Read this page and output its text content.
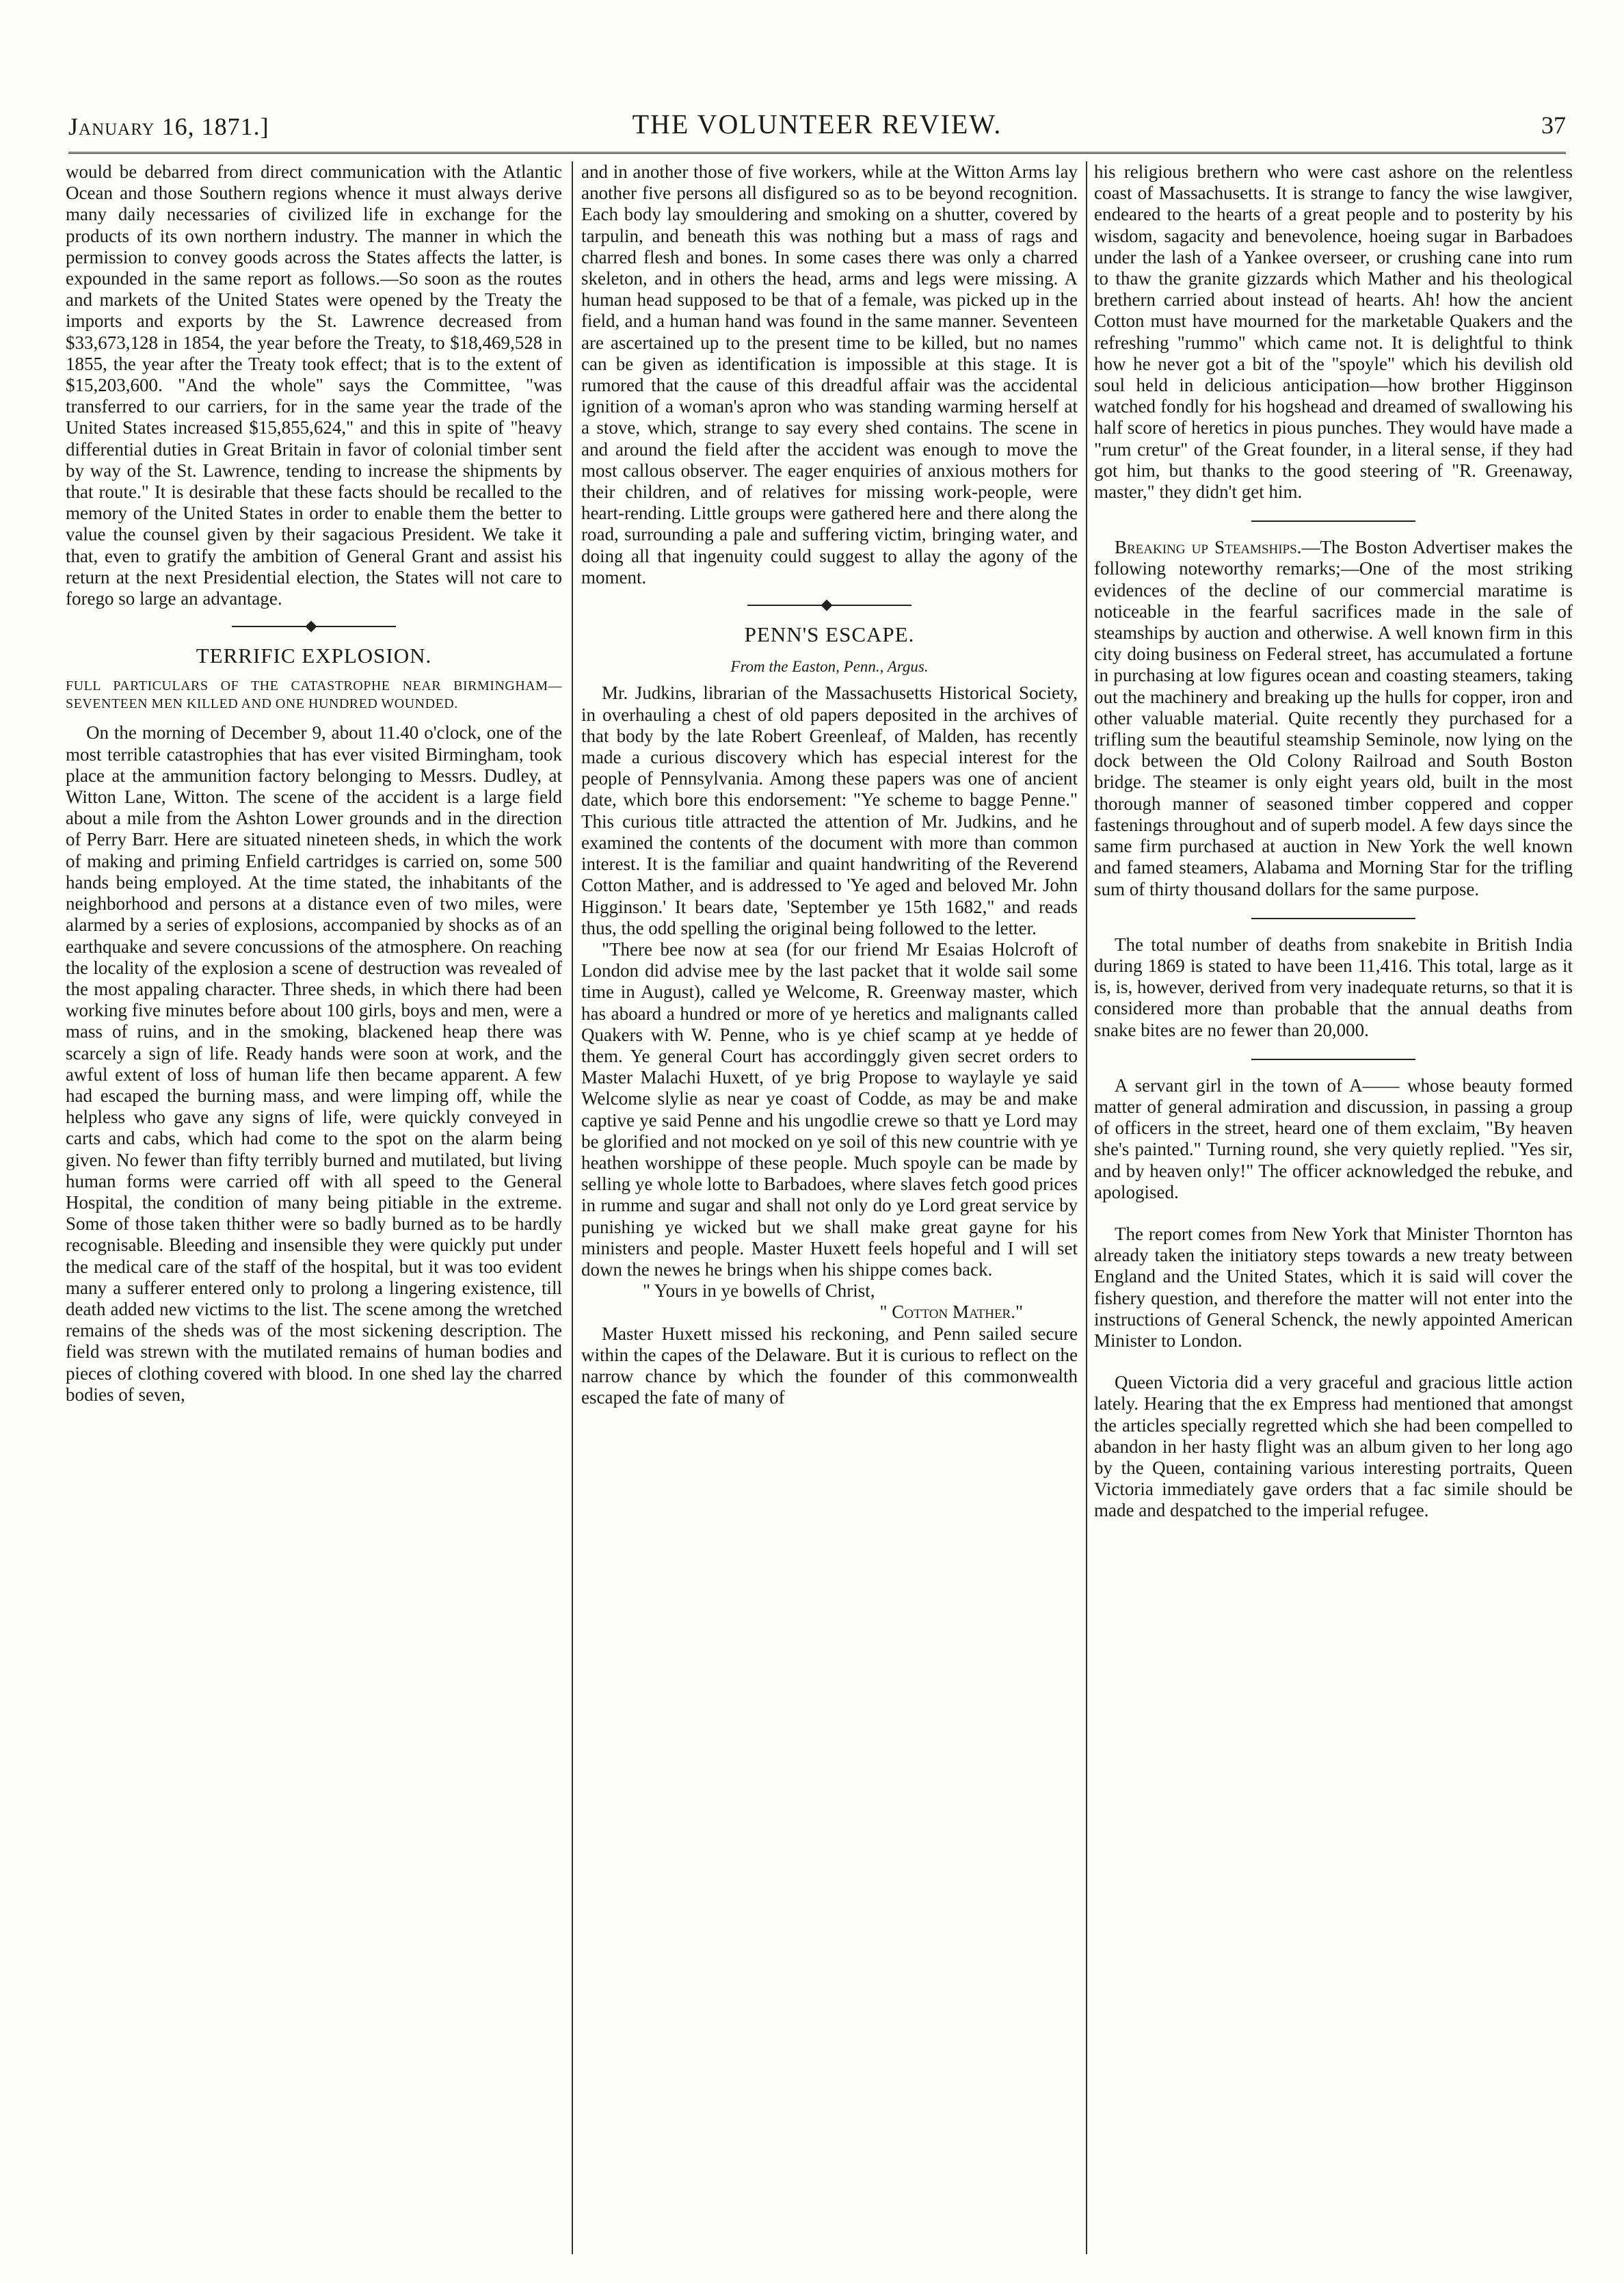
January 16, 1871.]	THE VOLUNTEER REVIEW.	37

would be debarred from direct communication with the Atlantic Ocean and those Southern regions whence it must always derive many daily necessaries of civilized life in exchange for the products of its own northern industry. The manner in which the permission to convey goods across the States affects the latter, is expounded in the same report as follows.—So soon as the routes and markets of the United States were opened by the Treaty the imports and exports by the St. Lawrence decreased from $33,673,128 in 1854, the year before the Treaty, to $18,469,528 in 1855, the year after the Treaty took effect; that is to the extent of $15,203,600. "And the whole" says the Committee, "was transferred to our carriers, for in the same year the trade of the United States increased $15,855,624," and this in spite of "heavy differential duties in Great Britain in favor of colonial timber sent by way of the St. Lawrence, tending to increase the shipments by that route." It is desirable that these facts should be recalled to the memory of the United States in order to enable them the better to value the counsel given by their sagacious President. We take it that, even to gratify the ambition of General Grant and assist his return at the next Presidential election, the States will not care to forego so large an advantage.

TERRIFIC EXPLOSION.

FULL PARTICULARS OF THE CATASTROPHE NEAR BIRMINGHAM—SEVENTEEN MEN KILLED AND ONE HUNDRED WOUNDED.

On the morning of December 9, about 11.40 o'clock, one of the most terrible catastrophies that has ever visited Birmingham, took place at the ammunition factory belonging to Messrs. Dudley, at Witton Lane, Witton. The scene of the accident is a large field about a mile from the Ashton Lower grounds and in the direction of Perry Barr. Here are situated nineteen sheds, in which the work of making and priming Enfield cartridges is carried on, some 500 hands being employed. At the time stated, the inhabitants of the neighborhood and persons at a distance even of two miles, were alarmed by a series of explosions, accompanied by shocks as of an earthquake and severe concussions of the atmosphere. On reaching the locality of the explosion a scene of destruction was revealed of the most appaling character. Three sheds, in which there had been working five minutes before about 100 girls, boys and men, were a mass of ruins, and in the smoking, blackened heap there was scarcely a sign of life. Ready hands were soon at work, and the awful extent of loss of human life then became apparent. A few had escaped the burning mass, and were limping off, while the helpless who gave any signs of life, were quickly conveyed in carts and cabs, which had come to the spot on the alarm being given. No fewer than fifty terribly burned and mutilated, but living human forms were carried off with all speed to the General Hospital, the condition of many being pitiable in the extreme. Some of those taken thither were so badly burned as to be hardly recognisable. Bleeding and insensible they were quickly put under the medical care of the staff of the hospital, but it was too evident many a sufferer entered only to prolong a lingering existence, till death added new victims to the list. The scene among the wretched remains of the sheds was of the most sickening description. The field was strewn with the mutilated remains of human bodies and pieces of clothing covered with blood. In one shed lay the charred bodies of seven,

and in another those of five workers, while at the Witton Arms lay another five persons all disfigured so as to be beyond recognition. Each body lay smouldering and smoking on a shutter, covered by tarpulin, and beneath this was nothing but a mass of rags and charred flesh and bones. In some cases there was only a charred skeleton, and in others the head, arms and legs were missing. A human head supposed to be that of a female, was picked up in the field, and a human hand was found in the same manner. Seventeen are ascertained up to the present time to be killed, but no names can be given as identification is impossible at this stage. It is rumored that the cause of this dreadful affair was the accidental ignition of a woman's apron who was standing warming herself at a stove, which, strange to say every shed contains. The scene in and around the field after the accident was enough to move the most callous observer. The eager enquiries of anxious mothers for their children, and of relatives for missing work-people, were heart-rending. Little groups were gathered here and there along the road, surrounding a pale and suffering victim, bringing water, and doing all that ingenuity could suggest to allay the agony of the moment.

PENN'S ESCAPE.
From the Easton, Penn., Argus.

Mr. Judkins, librarian of the Massachusetts Historical Society, in overhauling a chest of old papers deposited in the archives of that body by the late Robert Greenleaf, of Malden, has recently made a curious discovery which has especial interest for the people of Pennsylvania. Among these papers was one of ancient date, which bore this endorsement: "Ye scheme to bagge Penne." This curious title attracted the attention of Mr. Judkins, and he examined the contents of the document with more than common interest. It is the familiar and quaint handwriting of the Reverend Cotton Mather, and is addressed to 'Ye aged and beloved Mr. John Higginson.' It bears date, 'September ye 15th 1682," and reads thus, the odd spelling the original being followed to the letter.

"There bee now at sea (for our friend Mr Esaias Holcroft of London did advise mee by the last packet that it wolde sail some time in August), called ye Welcome, R. Greenway master, which has aboard a hundred or more of ye heretics and malignants called Quakers with W. Penne, who is ye chief scamp at ye hedde of them. Ye general Court has accordinggly given secret orders to Master Malachi Huxett, of ye brig Propose to waylayle ye said Welcome slylie as near ye coast of Codde, as may be and make captive ye said Penne and his ungodlie crewe so thatt ye Lord may be glorified and not mocked on ye soil of this new countrie with ye heathen worshippe of these people. Much spoyle can be made by selling ye whole lotte to Barbadoes, where slaves fetch good prices in rumme and sugar and shall not only do ye Lord great service by punishing ye wicked but we shall make great gayne for his ministers and people. Master Huxett feels hopeful and I will set down the newes he brings when his shippe comes back.

" Yours in ye bowells of Christ,

" Cotton Mather."

Master Huxett missed his reckoning, and Penn sailed secure within the capes of the Delaware. But it is curious to reflect on the narrow chance by which the founder of this commonwealth escaped the fate of many of

his religious brethern who were cast ashore on the relentless coast of Massachusetts. It is strange to fancy the wise lawgiver, endeared to the hearts of a great people and to posterity by his wisdom, sagacity and benevolence, hoeing sugar in Barbadoes under the lash of a Yankee overseer, or crushing cane into rum to thaw the granite gizzards which Mather and his theological brethern carried about instead of hearts. Ah! how the ancient Cotton must have mourned for the marketable Quakers and the refreshing "rummo" which came not. It is delightful to think how he never got a bit of the "spoyle" which his devilish old soul held in delicious anticipation—how brother Higginson watched fondly for his hogshead and dreamed of swallowing his half score of heretics in pious punches. They would have made a "rum cretur" of the Great founder, in a literal sense, if they had got him, but thanks to the good steering of "R. Greenaway, master," they didn't get him.

Breaking up Steamships.—The Boston Advertiser makes the following noteworthy remarks;—One of the most striking evidences of the decline of our commercial maratime is noticeable in the fearful sacrifices made in the sale of steamships by auction and otherwise. A well known firm in this city doing business on Federal street, has accumulated a fortune in purchasing at low figures ocean and coasting steamers, taking out the machinery and breaking up the hulls for copper, iron and other valuable material. Quite recently they purchased for a trifling sum the beautiful steamship Seminole, now lying on the dock between the Old Colony Railroad and South Boston bridge. The steamer is only eight years old, built in the most thorough manner of seasoned timber coppered and copper fastenings throughout and of superb model. A few days since the same firm purchased at auction in New York the well known and famed steamers, Alabama and Morning Star for the trifling sum of thirty thousand dollars for the same purpose.

The total number of deaths from snakebite in British India during 1869 is stated to have been 11,416. This total, large as it is, is, however, derived from very inadequate returns, so that it is considered more than probable that the annual deaths from snake bites are no fewer than 20,000.

A servant girl in the town of A—— whose beauty formed matter of general admiration and discussion, in passing a group of officers in the street, heard one of them exclaim, "By heaven she's painted." Turning round, she very quietly replied. "Yes sir, and by heaven only!" The officer acknowledged the rebuke, and apologised.

The report comes from New York that Minister Thornton has already taken the initiatory steps towards a new treaty between England and the United States, which it is said will cover the fishery question, and therefore the matter will not enter into the instructions of General Schenck, the newly appointed American Minister to London.

Queen Victoria did a very graceful and gracious little action lately. Hearing that the ex Empress had mentioned that amongst the articles specially regretted which she had been compelled to abandon in her hasty flight was an album given to her long ago by the Queen, containing various interesting portraits, Queen Victoria immediately gave orders that a fac simile should be made and despatched to the imperial refugee.
